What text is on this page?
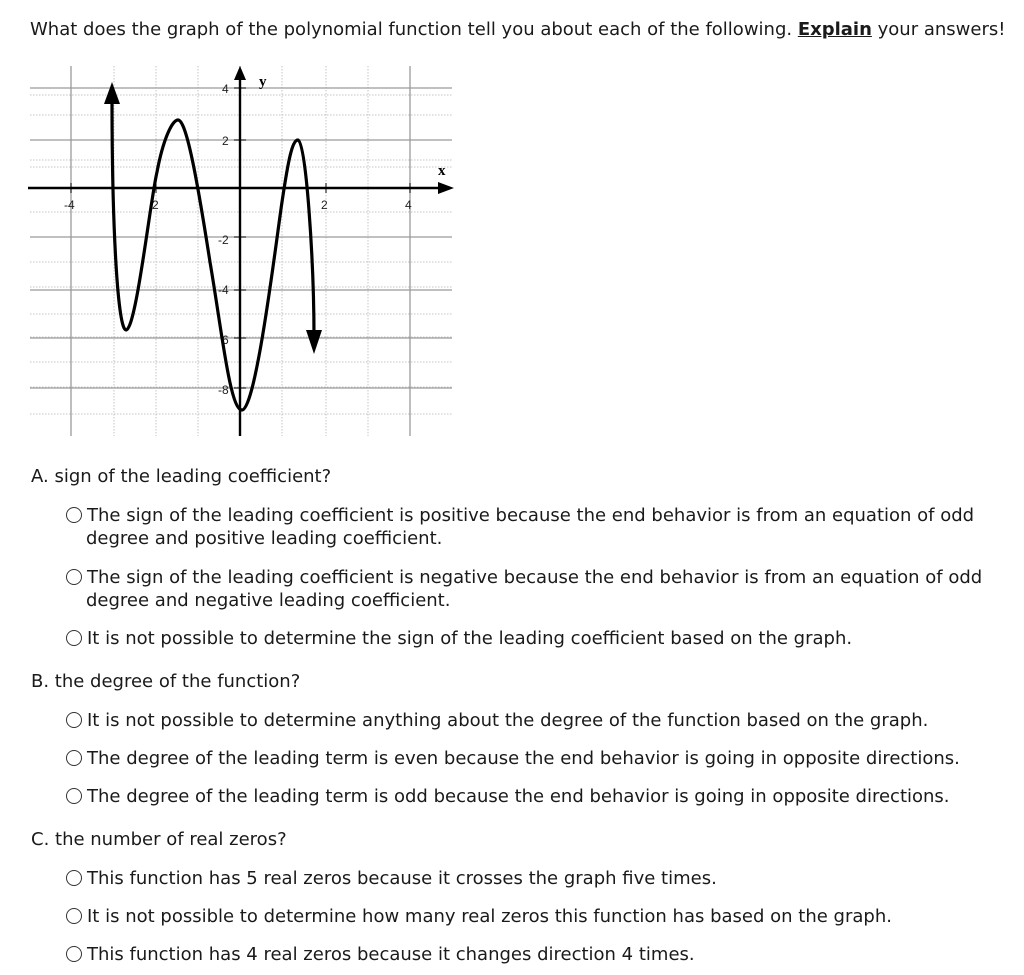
What does the graph of the polynomial function tell you about each of the following. Explain your answers!
y
x
-4	2	2	4
4
2
-2
-4
6
-8
A. sign of the leading coefficient?
The sign of the leading coefficient is positive because the end behavior is from an equation of odd
degree and positive leading coefficient.
The sign of the leading coefficient is negative because the end behavior is from an equation of odd
degree and negative leading coefficient.
It is not possible to determine the sign of the leading coefficient based on the graph.
B. the degree of the function?
It is not possible to determine anything about the degree of the function based on the graph.
The degree of the leading term is even because the end behavior is going in opposite directions.
The degree of the leading term is odd because the end behavior is going in opposite directions.
C. the number of real zeros?
This function has 5 real zeros because it crosses the graph five times.
It is not possible to determine how many real zeros this function has based on the graph.
This function has 4 real zeros because it changes direction 4 times.
